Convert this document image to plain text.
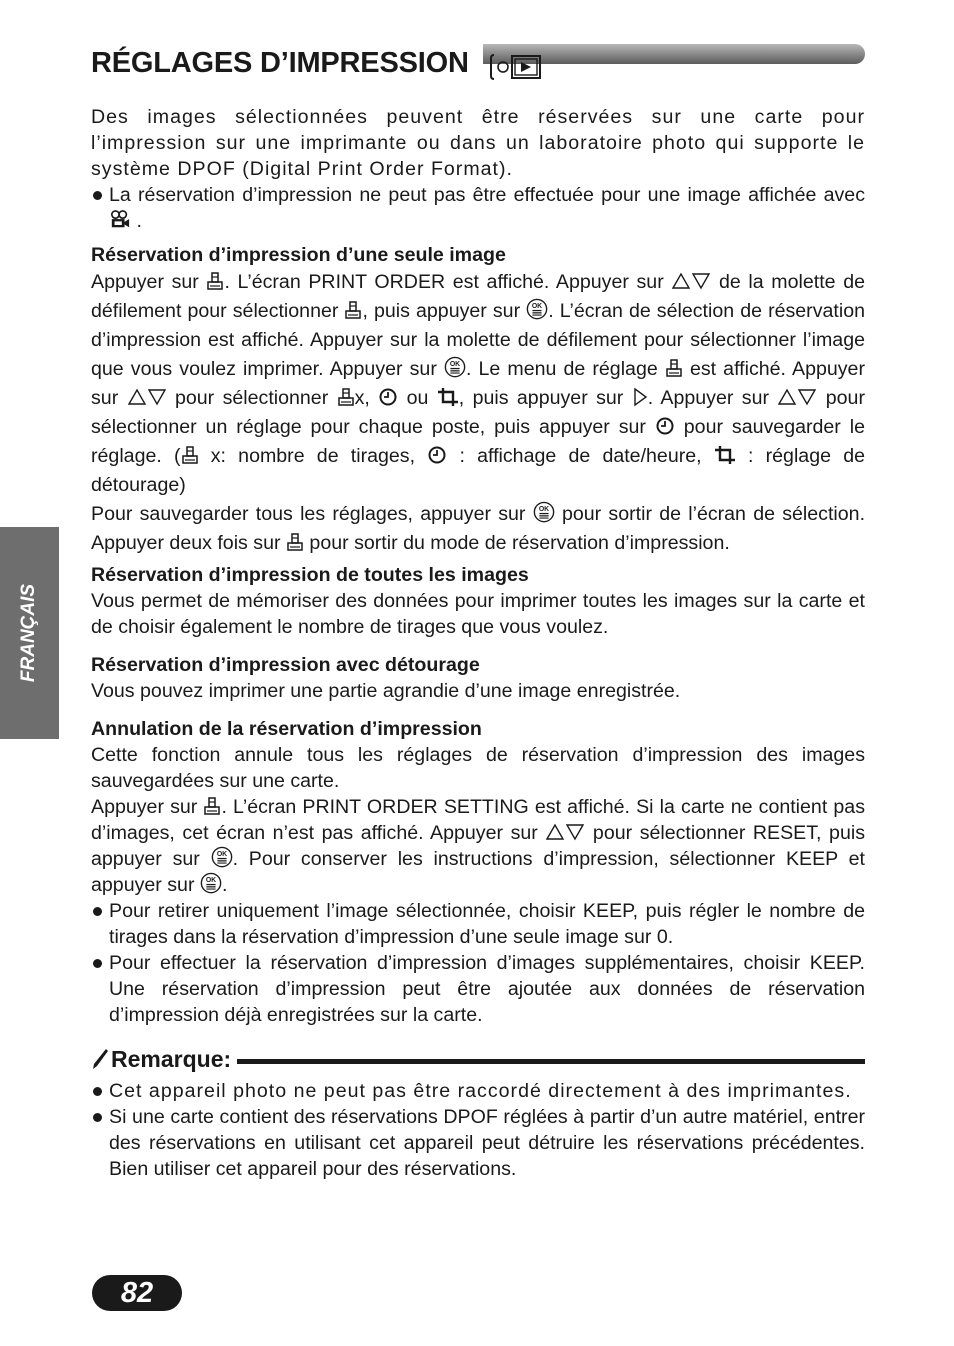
RÉGLAGES D’IMPRESSION
FRANÇAIS

Des images sélectionnées peuvent être réservées sur une carte pour l’impression sur une imprimante ou dans un laboratoire photo qui supporte le système DPOF (Digital Print Order Format).

La réservation d’impression ne peut pas être effectuée pour une image affichée avec  .

Réservation d’impression d’une seule image

Appuyer sur . L’écran PRINT ORDER est affiché. Appuyer sur	de la molette de défilement pour sélectionner , puis appuyer sur . L’écran de sélection de réservation d’impression est affiché. Appuyer sur la molette de défilement pour sélectionner l’image que vous voulez imprimer. Appuyer sur . Le menu de réglage est affiché. Appuyer sur	pour sélectionner x, ou , puis appuyer sur . Appuyer sur	pour sélectionner un réglage pour chaque poste, puis appuyer sur pour sauvegarder le réglage. ( x: nombre de tirages, : affichage de date/heure, : réglage de détourage)

Pour sauvegarder tous les réglages, appuyer sur pour sortir de l’écran de sélection. Appuyer deux fois sur pour sortir du mode de réservation d’impression.

Réservation d’impression de toutes les images

Vous permet de mémoriser des données pour imprimer toutes les images sur la carte et de choisir également le nombre de tirages que vous voulez.

Réservation d’impression avec détourage

Vous pouvez imprimer une partie agrandie d’une image enregistrée.

Annulation de la réservation d’impression

Cette fonction annule tous les réglages de réservation d’impression des images sauvegardées sur une carte.

Appuyer sur . L’écran PRINT ORDER SETTING est affiché. Si la carte ne contient pas d’images, cet écran n’est pas affiché. Appuyer sur	pour sélectionner RESET, puis appuyer sur . Pour conserver les instructions d’impression, sélectionner KEEP et appuyer sur .

Pour retirer uniquement l’image sélectionnée, choisir KEEP, puis régler le nombre de tirages dans la réservation d’impression d’une seule image sur 0.

Pour effectuer la réservation d’impression d’images supplémentaires, choisir KEEP. Une réservation d’impression peut être ajoutée aux données de réservation d’impression déjà enregistrées sur la carte.

Remarque:

Cet appareil photo ne peut pas être raccordé directement à des imprimantes.

Si une carte contient des réservations DPOF réglées à partir d’un autre matériel, entrer des réservations en utilisant cet appareil peut détruire les réservations précédentes. Bien utiliser cet appareil pour des réservations.

82
